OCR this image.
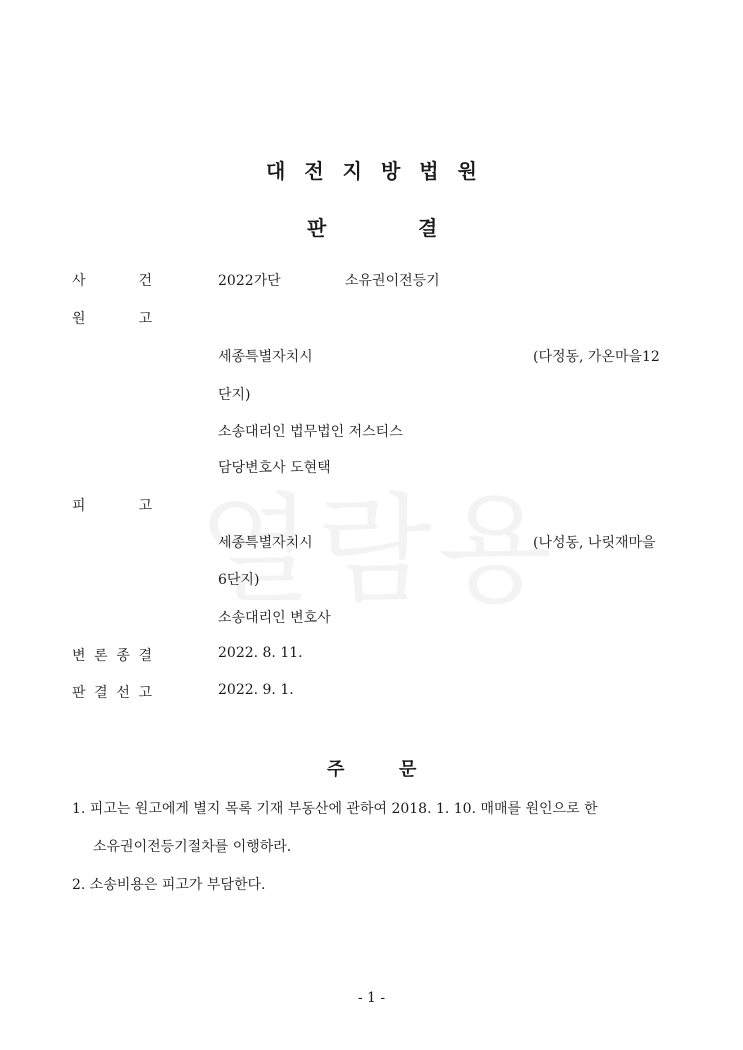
대전지방법원
판	결
사	건	2022가단	소유권이전등기
원	고
세종특별자치시	(다정동, 가온마을12
단지)
소송대리인 법무법인 저스티스
담당변호사 도현택
피	고
세종특별자치시	(나성동, 나릿재마을
6단지)
소송대리인 변호사
변 론 종 결	2022. 8. 11.
판 결 선 고	2022. 9. 1.
주	문
1. 피고는 원고에게 별지 목록 기재 부동산에 관하여 2018. 1. 10. 매매를 원인으로 한
소유권이전등기절차를 이행하라.
2. 소송비용은 피고가 부담한다.
- 1 -
